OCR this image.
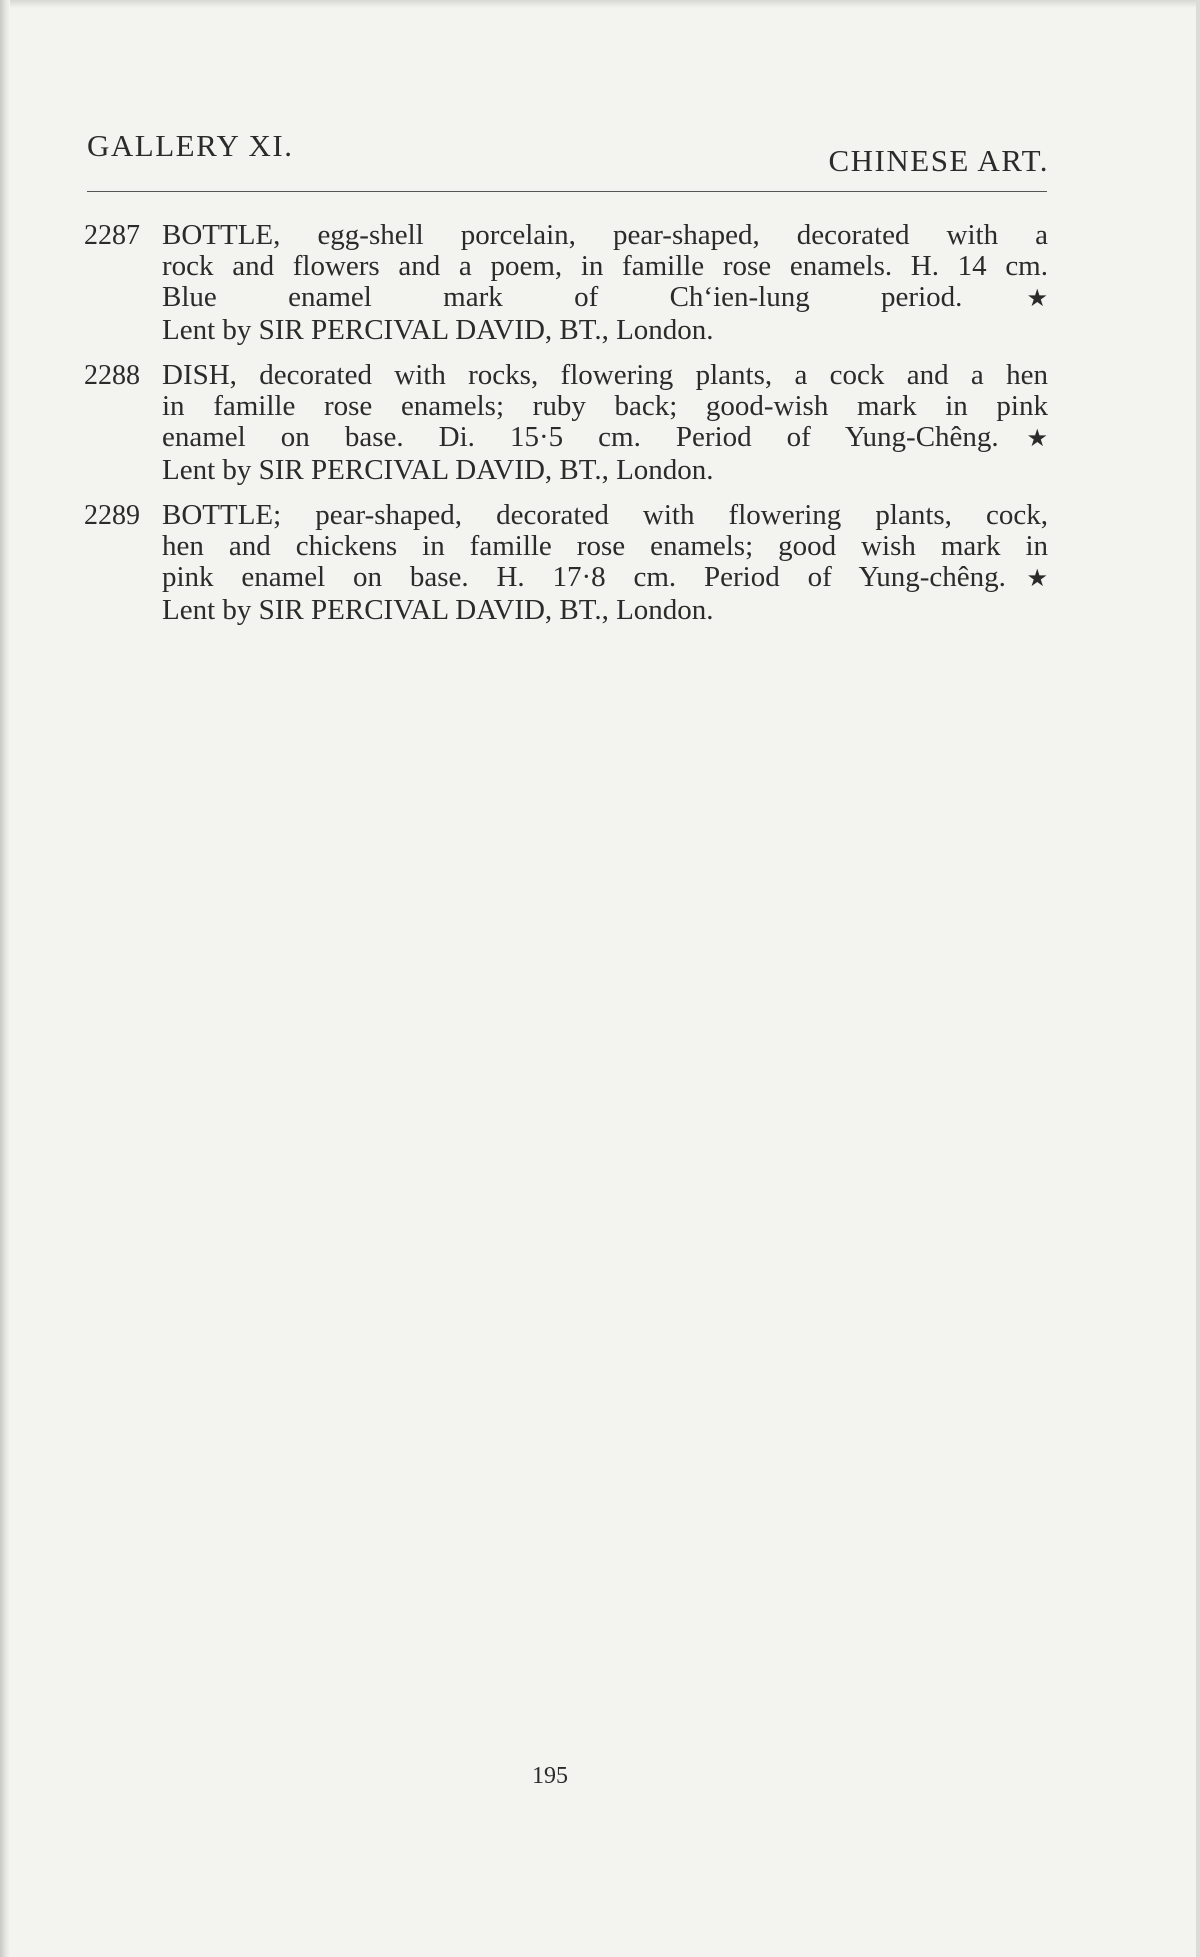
GALLERY XI.	CHINESE ART.
2287 BOTTLE, egg-shell porcelain, pear-shaped, decorated with a
rock and flowers and a poem, in famille rose enamels. H. 14 cm.
Blue enamel mark of Ch‘ien-lung period.★
Lent by SIR PERCIVAL DAVID, BT., London.
2288 DISH, decorated with rocks, flowering plants, a cock and a hen
in famille rose enamels; ruby back; good-wish mark in pink
enamel on base. Di. 15·5 cm. Period of Yung-Chêng.★
Lent by SIR PERCIVAL DAVID, BT., London.
2289 BOTTLE; pear-shaped, decorated with flowering plants, cock,
hen and chickens in famille rose enamels; good wish mark in
pink enamel on base. H. 17·8 cm. Period of Yung-chêng.★
Lent by SIR PERCIVAL DAVID, BT., London.
195
